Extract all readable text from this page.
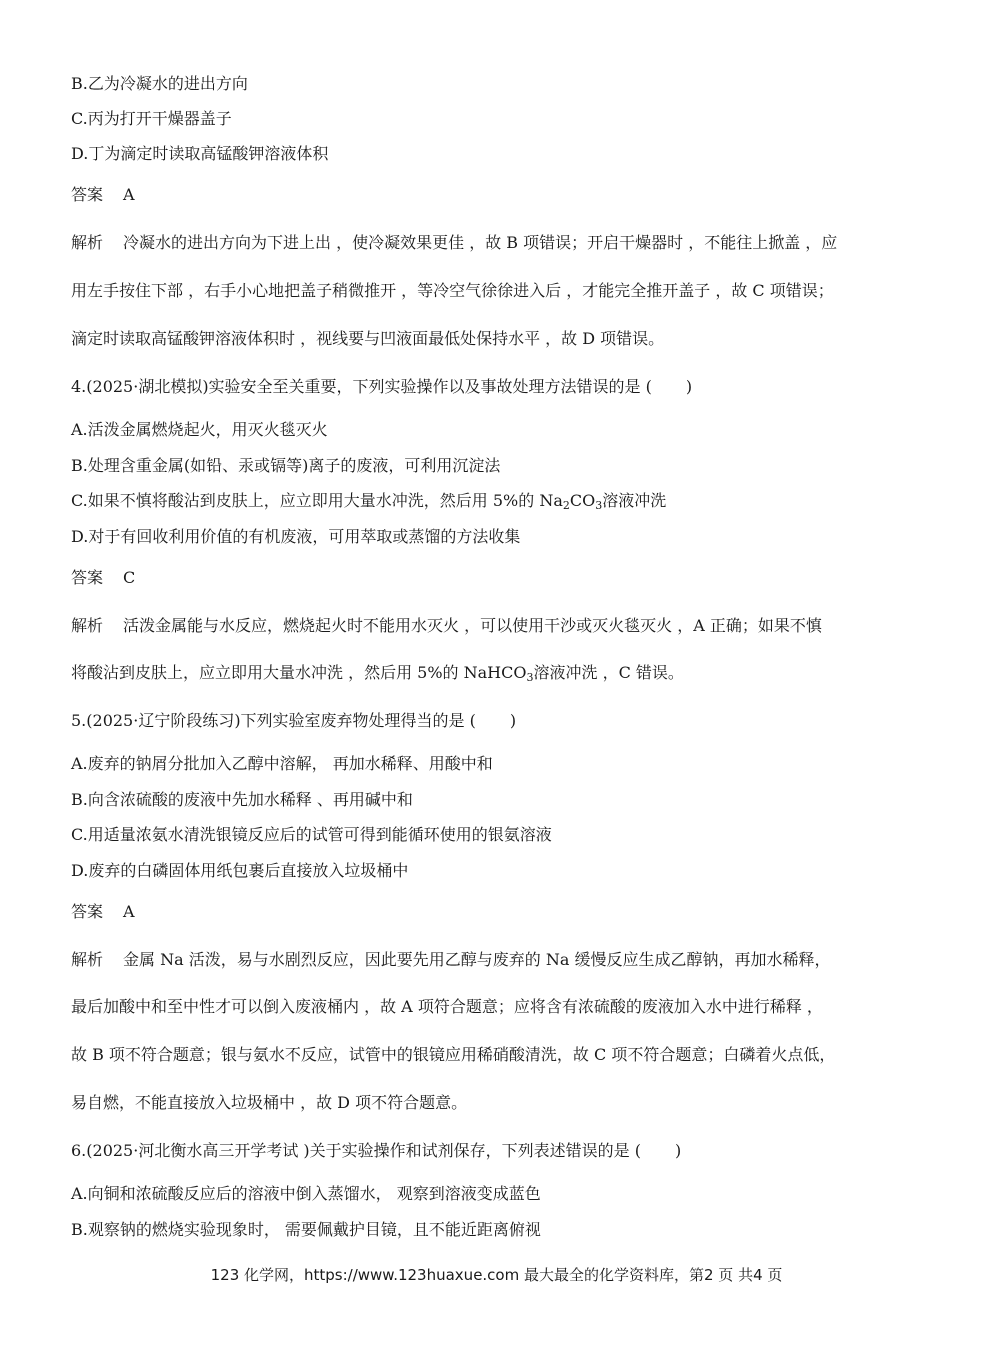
B.乙为冷凝水的进出方向
C.丙为打开干燥器盖子
D.丁为滴定时读取高锰酸钾溶液体积
答案 A
解析 冷凝水的进出方向为下进上出 ，使冷凝效果更佳 ，故 B 项错误；开启干燥器时 ，不能往上掀盖 ，应
用左手按住下部 ，右手小心地把盖子稍微推开 ，等冷空气徐徐进入后 ，才能完全推开盖子 ，故 C 项错误；
滴定时读取高锰酸钾溶液体积时 ，视线要与凹液面最低处保持水平 ，故 D 项错误。
4.(2025·湖北模拟)实验安全至关重要，下列实验操作以及事故处理方法错误的是 ( )
A.活泼金属燃烧起火，用灭火毯灭火
B.处理含重金属(如铅、汞或镉等)离子的废液，可利用沉淀法
C.如果不慎将酸沾到皮肤上，应立即用大量水冲洗，然后用 5%的 $Na_2CO_3$溶液冲洗
D.对于有回收利用价值的有机废液，可用萃取或蒸馏的方法收集
答案 C
解析 活泼金属能与水反应，燃烧起火时不能用水灭火 ，可以使用干沙或灭火毯灭火 ，A 正确；如果不慎
将酸沾到皮肤上，应立即用大量水冲洗 ，然后用 5%的 NaHCO$_3$溶液冲洗 ，C 错误。
5.(2025·辽宁阶段练习)下列实验室废弃物处理得当的是 ( )
A.废弃的钠屑分批加入乙醇中溶解， 再加水稀释、用酸中和
B.向含浓硫酸的废液中先加水稀释 、再用碱中和
C.用适量浓氨水清洗银镜反应后的试管可得到能循环使用的银氨溶液
D.废弃的白磷固体用纸包裹后直接放入垃圾桶中
答案 A
解析 金属 Na 活泼，易与水剧烈反应，因此要先用乙醇与废弃的 Na 缓慢反应生成乙醇钠，再加水稀释，
最后加酸中和至中性才可以倒入废液桶内 ，故 A 项符合题意；应将含有浓硫酸的废液加入水中进行稀释 ，
故 B 项不符合题意；银与氨水不反应，试管中的银镜应用稀硝酸清洗，故 C 项不符合题意；白磷着火点低，
易自燃，不能直接放入垃圾桶中 ，故 D 项不符合题意。
6.(2025·河北衡水高三开学考试 )关于实验操作和试剂保存，下列表述错误的是 ( )
A.向铜和浓硫酸反应后的溶液中倒入蒸馏水， 观察到溶液变成蓝色
B.观察钠的燃烧实验现象时， 需要佩戴护目镜，且不能近距离俯视
123 化学网，https://www.123huaxue.com 最大最全的化学资料库，第2 页 共4 页
